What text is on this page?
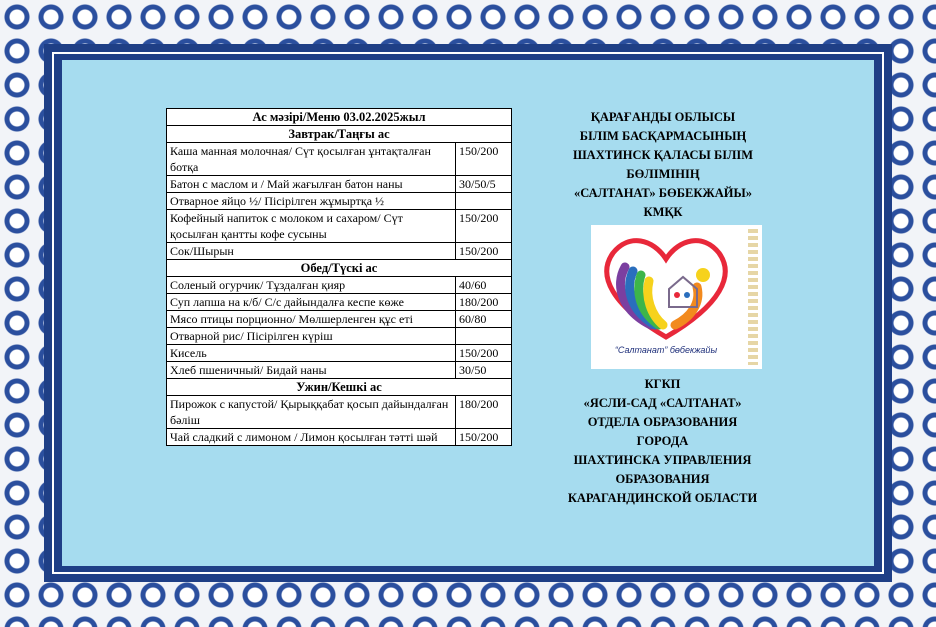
Ас мәзірі/Меню 03.02.2025жыл	
Завтрак/Таңғы ас	
Каша манная молочная/ Сүт қосылған ұнтақталған ботқа	150/200
Батон с маслом и / Май жағылған батон наны	30/50/5
Отварное яйцо ½/ Пісірілген жұмыртқа ½	
Кофейный напиток с молоком и сахаром/ Сүт қосылған қантты кофе сусыны	150/200
Сок/Шырын	150/200
Обед/Түскі ас	
Соленый огурчик/ Тұздалған қияр	40/60
Суп лапша на к/б/ С/с дайындалға кеспе көже	180/200
Мясо птицы порционно/ Мөлшерленген құс еті	60/80
Отварной рис/ Пісірілген күріш	
Кисель	150/200
Хлеб пшеничный/ Бидай наны	30/50
Ужин/Кешкі ас	
Пирожок с капустой/ Қырыққабат қосып дайындалған бәліш	180/200
Чай сладкий с лимоном / Лимон қосылған тәтті шәй	150/200
ҚАРАҒАНДЫ ОБЛЫСЫ
БІЛІМ БАСҚАРМАСЫНЫҢ
ШАХТИНСК ҚАЛАСЫ БІЛІМ
БӨЛІМІНІҢ
«САЛТАНАТ» БӨБЕКЖАЙЫ»
КМҚК
“Салтанат” бөбекжайы
КГКП
«ЯСЛИ-САД «САЛТАНАТ»
ОТДЕЛА ОБРАЗОВАНИЯ
ГОРОДА
ШАХТИНСКА УПРАВЛЕНИЯ
ОБРАЗОВАНИЯ
КАРАГАНДИНСКОЙ ОБЛАСТИ
